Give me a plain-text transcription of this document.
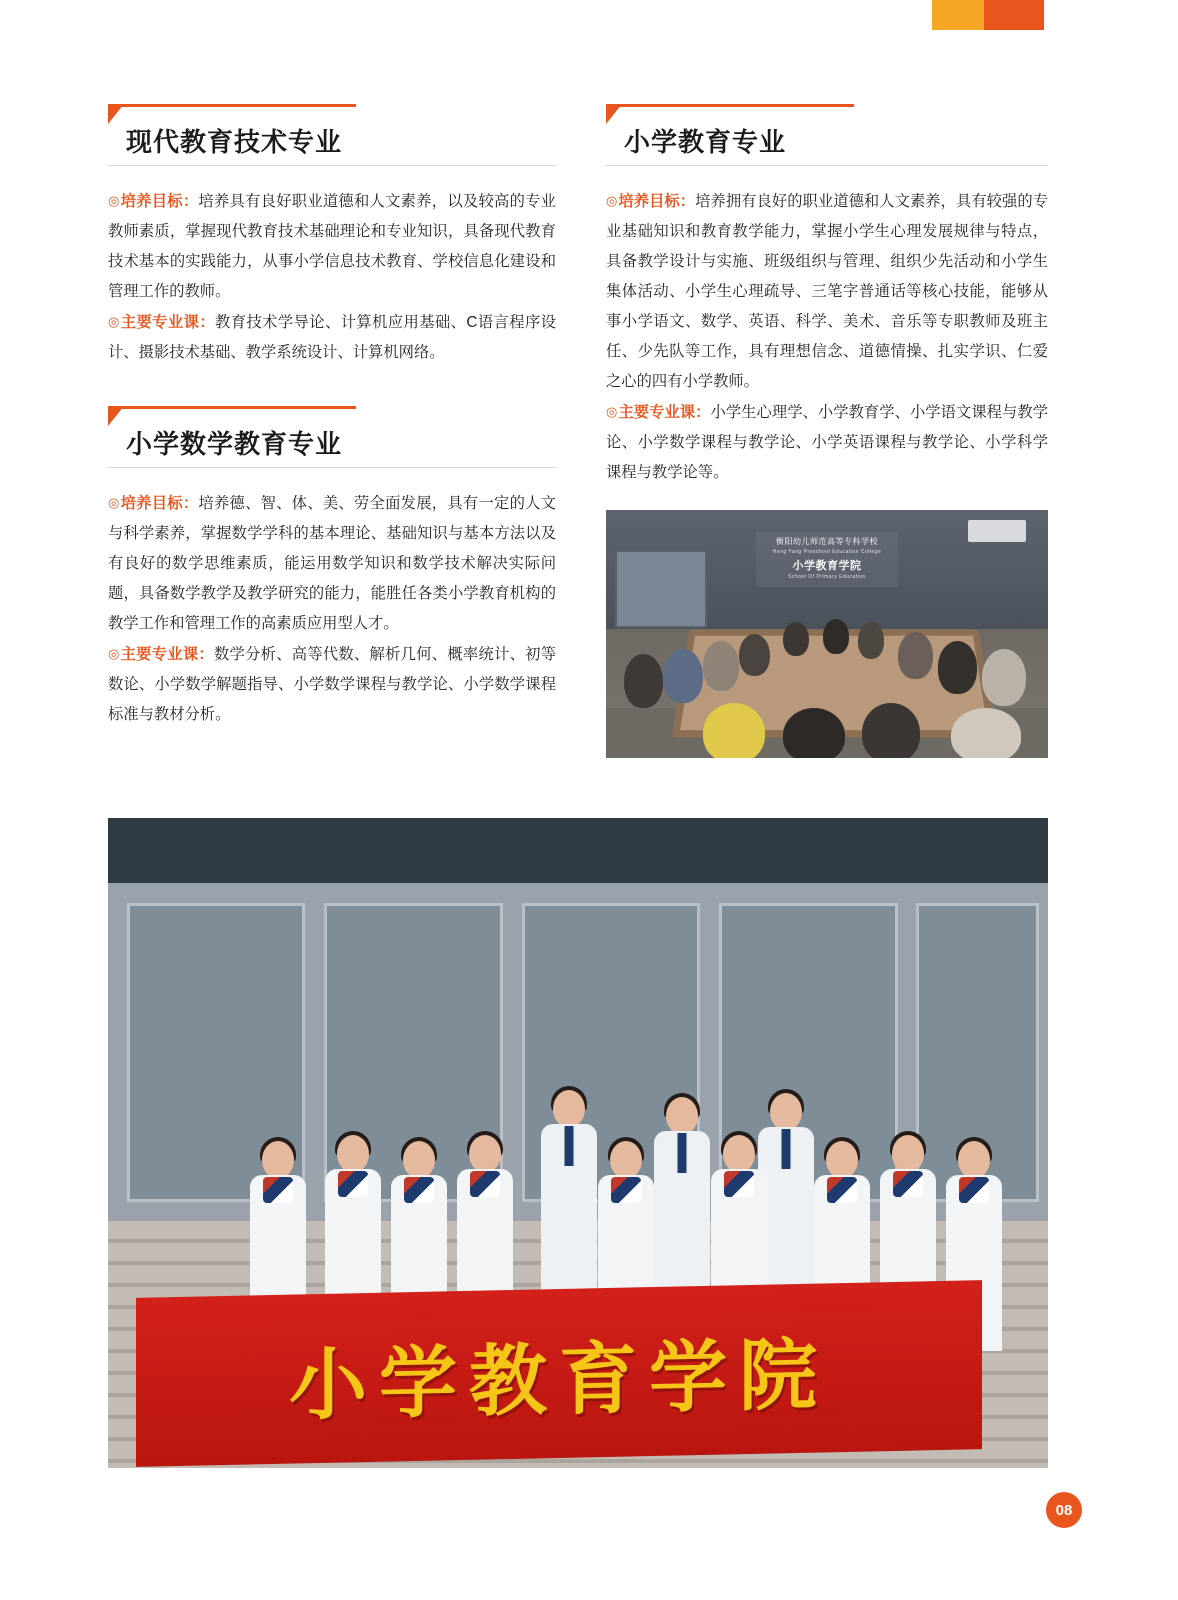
现代教育技术专业

◎培养目标：培养具有良好职业道德和人文素养，以及较高的专业教师素质，掌握现代教育技术基础理论和专业知识，具备现代教育技术基本的实践能力，从事小学信息技术教育、学校信息化建设和管理工作的教师。

◎主要专业课：教育技术学导论、计算机应用基础、C语言程序设计、摄影技术基础、教学系统设计、计算机网络。

小学数学教育专业

◎培养目标：培养德、智、体、美、劳全面发展，具有一定的人文与科学素养，掌握数学学科的基本理论、基础知识与基本方法以及有良好的数学思维素质，能运用数学知识和数学技术解决实际问题，具备数学教学及教学研究的能力，能胜任各类小学教育机构的教学工作和管理工作的高素质应用型人才。

◎主要专业课：数学分析、高等代数、解析几何、概率统计、初等数论、小学数学解题指导、小学数学课程与教学论、小学数学课程标准与教材分析。

小学教育专业

◎培养目标：培养拥有良好的职业道德和人文素养，具有较强的专业基础知识和教育教学能力，掌握小学生心理发展规律与特点，具备教学设计与实施、班级组织与管理、组织少先活动和小学生集体活动、小学生心理疏导、三笔字普通话等核心技能，能够从事小学语文、数学、英语、科学、美术、音乐等专职教师及班主任、少先队等工作，具有理想信念、道德情操、扎实学识、仁爱之心的四有小学教师。

◎主要专业课：小学生心理学、小学教育学、小学语文课程与教学论、小学数学课程与教学论、小学英语课程与教学论、小学科学课程与教学论等。

衡阳幼儿师范高等专科学校
Heng Yang Preschool Education College
小学教育学院
School Of Primary Education
小学教育学院
08
